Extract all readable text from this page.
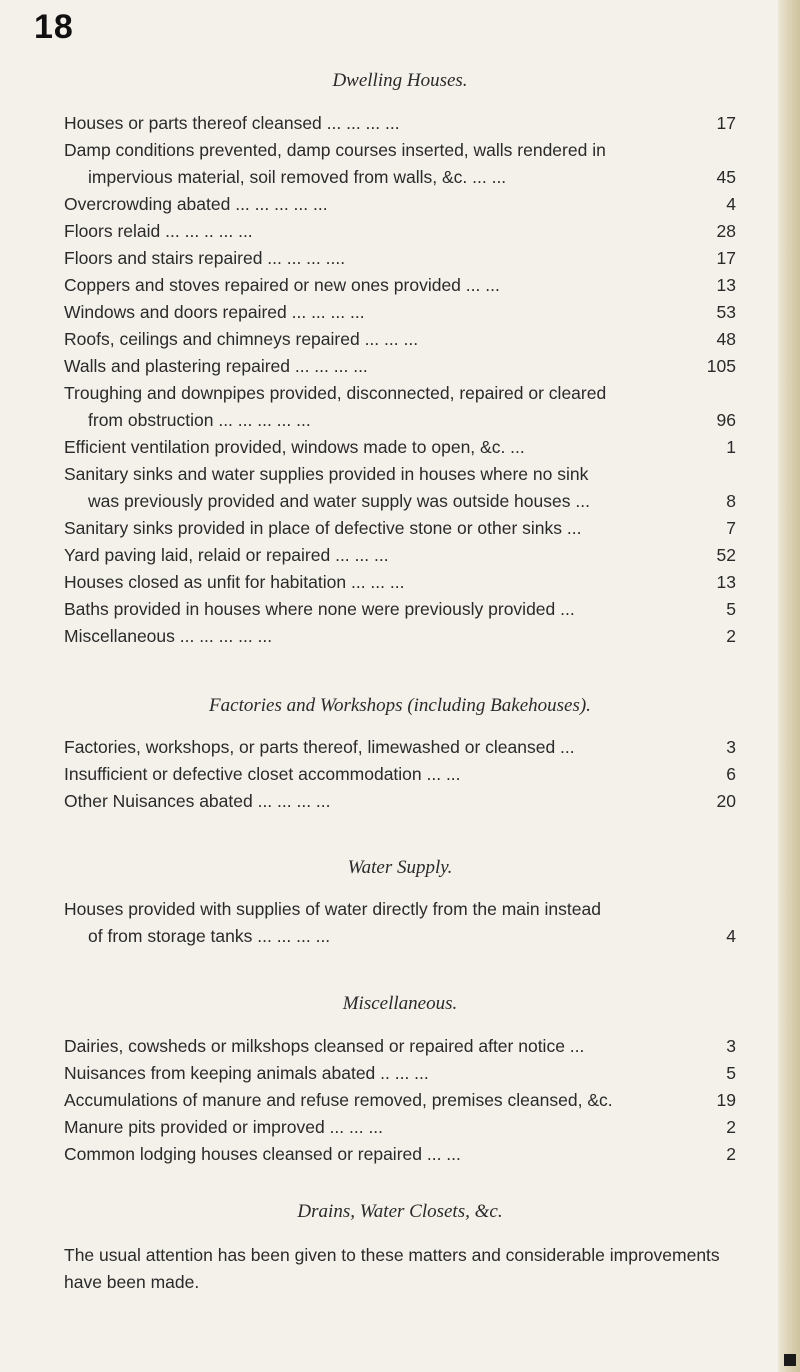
18
Dwelling Houses.
Houses or parts thereof cleansed ... ... ... ...	17
Damp conditions prevented, damp courses inserted, walls rendered in
impervious material, soil removed from walls, &c. ... ...	45
Overcrowding abated ... ... ... ... ...	4
Floors relaid ... ... .. ... ...	28
Floors and stairs repaired ... ... ... ....	17
Coppers and stoves repaired or new ones provided ... ...	13
Windows and doors repaired ... ... ... ...	53
Roofs, ceilings and chimneys repaired ... ... ...	48
Walls and plastering repaired ... ... ... ...	105
Troughing and downpipes provided, disconnected, repaired or cleared
from obstruction ... ... ... ... ...	96
Efficient ventilation provided, windows made to open, &c. ...	1
Sanitary sinks and water supplies provided in houses where no sink
was previously provided and water supply was outside houses ...	8
Sanitary sinks provided in place of defective stone or other sinks ...	7
Yard paving laid, relaid or repaired ... ... ...	52
Houses closed as unfit for habitation ... ... ...	13
Baths provided in houses where none were previously provided ...	5
Miscellaneous ... ... ... ... ...	2
Factories and Workshops (including Bakehouses).
Factories, workshops, or parts thereof, limewashed or cleansed ...	3
Insufficient or defective closet accommodation ... ...	6
Other Nuisances abated ... ... ... ...	20
Water Supply.
Houses provided with supplies of water directly from the main instead
of from storage tanks ... ... ... ...	4
Miscellaneous.
Dairies, cowsheds or milkshops cleansed or repaired after notice ...	3
Nuisances from keeping animals abated .. ... ...	5
Accumulations of manure and refuse removed, premises cleansed, &c.	19
Manure pits provided or improved ... ... ...	2
Common lodging houses cleansed or repaired ... ...	2
Drains, Water Closets, &c.
The usual attention has been given to these matters and considerable improvements have been made.
